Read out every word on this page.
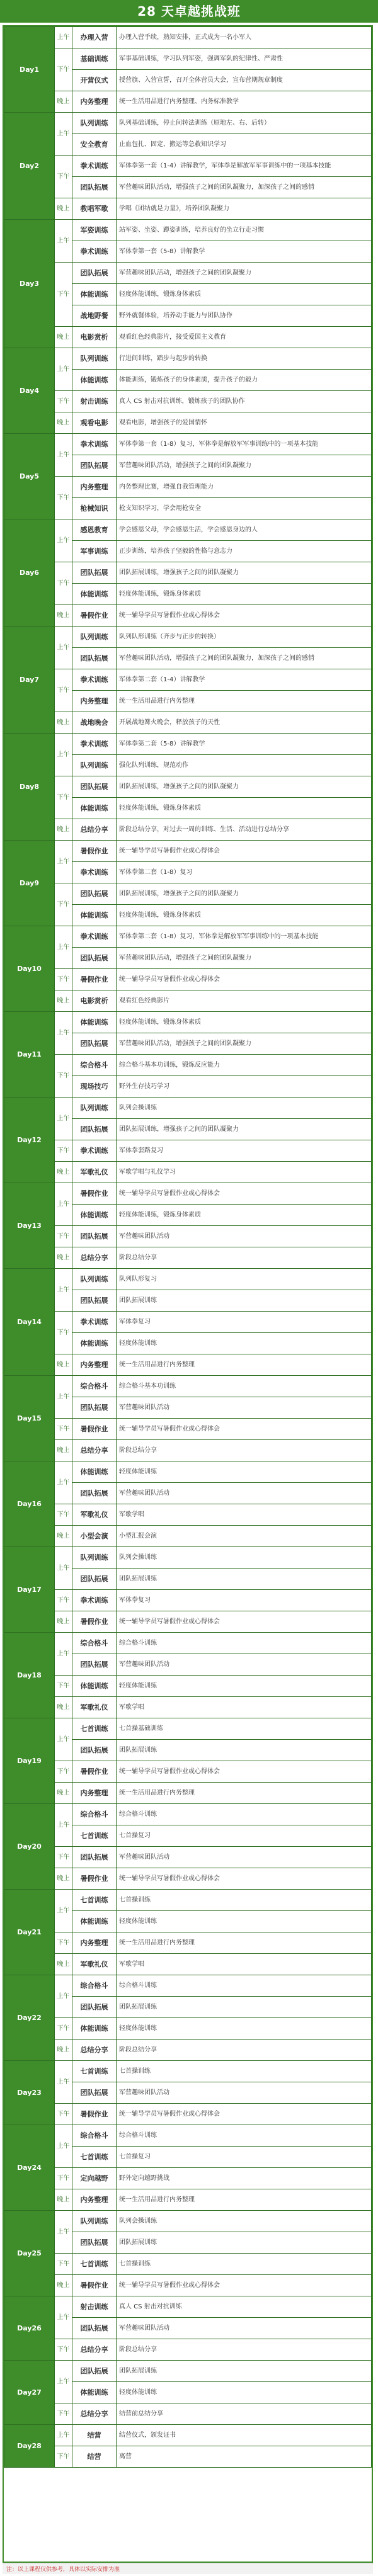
28 天卓越挑战班
Day1	上午	办理入营	办理入营手续，熟知安排，正式成为一名小军人
	下午	基础训练	军事基础训练，学习队列军姿，强调军队的纪律性、严肃性
		开营仪式	授营旗、入营宣誓，召开全体营员大会，宣布营期规章制度
	晚上	内务整理	统一生活用品进行内务整理、内务标准教学
Day2	上午	队列训练	队列基础训练，停止间转法训练（原地左、右、后转）
		安全教育	止血包扎、固定、搬运等急救知识学习
	下午	拳术训练	军体拳第一套（1-4）讲解教学，军体拳是解放军军事训练中的一项基本技能
		团队拓展	军营趣味团队活动，增强孩子之间的团队凝聚力，加深孩子之间的感情
	晚上	教唱军歌	学唱《团结就是力量》，培养团队凝聚力
Day3	上午	军姿训练	站军姿、坐姿、蹲姿训练，培养良好的坐立行走习惯
		拳术训练	军体拳第一套（5-8）讲解教学
	下午	团队拓展	军营趣味团队活动，增强孩子之间的团队凝聚力
		体能训练	轻度体能训练，锻炼身体素质
		战地野餐	野外就餐体验，培养动手能力与团队协作
	晚上	电影赏析	观看红色经典影片，接受爱国主义教育
Day4	上午	队列训练	行进间训练，踏步与起步的转换
		体能训练	体能训练，锻炼孩子的身体素质，提升孩子的毅力
	下午	射击训练	真人 CS 射击对抗训练，锻炼孩子的团队协作
	晚上	观看电影	观看电影，增强孩子的爱国情怀
Day5	上午	拳术训练	军体拳第一套（1-8）复习，军体拳是解放军军事训练中的一项基本技能
		团队拓展	军营趣味团队活动，增强孩子之间的团队凝聚力
	下午	内务整理	内务整理比赛，增强自我管理能力
		枪械知识	枪支知识学习，学会用枪安全
Day6	上午	感恩教育	学会感恩父母，学会感恩生活，学会感恩身边的人
		军事训练	正步训练，培养孩子坚毅的性格与意志力
	下午	团队拓展	团队拓展训练，增强孩子之间的团队凝聚力
		体能训练	轻度体能训练，锻炼身体素质
	晚上	暑假作业	统一辅导学员写暑假作业或心得体会
Day7	上午	队列训练	队列队形训练（齐步与正步的转换）
		团队拓展	军营趣味团队活动，增强孩子之间的团队凝聚力，加深孩子之间的感情
	下午	拳术训练	军体拳第二套（1-4）讲解教学
		内务整理	统一生活用品进行内务整理
	晚上	战地晚会	开展战地篝火晚会，释放孩子的天性
Day8	上午	拳术训练	军体拳第二套（5-8）讲解教学
		队列训练	强化队列训练，规范动作
	下午	团队拓展	团队拓展训练，增强孩子之间的团队凝聚力
		体能训练	轻度体能训练，锻炼身体素质
	晚上	总结分享	阶段总结分享，对过去一周的训练、生活、活动进行总结分享
Day9	上午	暑假作业	统一辅导学员写暑假作业或心得体会
		拳术训练	军体拳第二套（1-8）复习
	下午	团队拓展	团队拓展训练，增强孩子之间的团队凝聚力
		体能训练	轻度体能训练，锻炼身体素质
Day10	上午	拳术训练	军体拳第二套（1-8）复习，军体拳是解放军军事训练中的一项基本技能
		团队拓展	军营趣味团队活动，增强孩子之间的团队凝聚力
	下午	暑假作业	统一辅导学员写暑假作业或心得体会
	晚上	电影赏析	观看红色经典影片
Day11	上午	体能训练	轻度体能训练，锻炼身体素质
		团队拓展	军营趣味团队活动，增强孩子之间的团队凝聚力
	下午	综合格斗	综合格斗基本功训练，锻炼反应能力
		现场技巧	野外生存技巧学习
Day12	上午	队列训练	队列会操训练
		团队拓展	团队拓展训练，增强孩子之间的团队凝聚力
	下午	拳术训练	军体拳套路复习
	晚上	军歌礼仪	军歌学唱与礼仪学习
Day13	上午	暑假作业	统一辅导学员写暑假作业或心得体会
		体能训练	轻度体能训练，锻炼身体素质
	下午	团队拓展	军营趣味团队活动
	晚上	总结分享	阶段总结分享
Day14	上午	队列训练	队列队形复习
		团队拓展	团队拓展训练
	下午	拳术训练	军体拳复习
		体能训练	轻度体能训练
	晚上	内务整理	统一生活用品进行内务整理
Day15	上午	综合格斗	综合格斗基本功训练
		团队拓展	军营趣味团队活动
	下午	暑假作业	统一辅导学员写暑假作业或心得体会
	晚上	总结分享	阶段总结分享
Day16	上午	体能训练	轻度体能训练
		团队拓展	军营趣味团队活动
	下午	军歌礼仪	军歌学唱
	晚上	小型会演	小型汇报会演
Day17	上午	队列训练	队列会操训练
		团队拓展	团队拓展训练
	下午	拳术训练	军体拳复习
	晚上	暑假作业	统一辅导学员写暑假作业或心得体会
Day18	上午	综合格斗	综合格斗训练
		团队拓展	军营趣味团队活动
	下午	体能训练	轻度体能训练
	晚上	军歌礼仪	军歌学唱
Day19	上午	七首训练	七首操基础训练
		团队拓展	团队拓展训练
	下午	暑假作业	统一辅导学员写暑假作业或心得体会
	晚上	内务整理	统一生活用品进行内务整理
Day20	上午	综合格斗	综合格斗训练
		七首训练	七首操复习
	下午	团队拓展	军营趣味团队活动
	晚上	暑假作业	统一辅导学员写暑假作业或心得体会
Day21	上午	七首训练	七首操训练
		体能训练	轻度体能训练
	下午	内务整理	统一生活用品进行内务整理
	晚上	军歌礼仪	军歌学唱
Day22	上午	综合格斗	综合格斗训练
		团队拓展	团队拓展训练
	下午	体能训练	轻度体能训练
	晚上	总结分享	阶段总结分享
Day23	上午	七首训练	七首操训练
		团队拓展	军营趣味团队活动
	下午	暑假作业	统一辅导学员写暑假作业或心得体会
Day24	上午	综合格斗	综合格斗训练
		七首训练	七首操复习
	下午	定向越野	野外定向越野挑战
	晚上	内务整理	统一生活用品进行内务整理
Day25	上午	队列训练	队列会操训练
		团队拓展	团队拓展训练
	下午	七首训练	七首操训练
	晚上	暑假作业	统一辅导学员写暑假作业或心得体会
Day26	上午	射击训练	真人 CS 射击对抗训练
		团队拓展	军营趣味团队活动
	下午	总结分享	阶段总结分享
Day27	上午	团队拓展	团队拓展训练
		体能训练	轻度体能训练
	下午	总结分享	结营前总结分享
Day28	上午	结营	结营仪式，颁发证书
	下午	结营	离营
注：以上课程仅供参考，具体以实际安排为准
